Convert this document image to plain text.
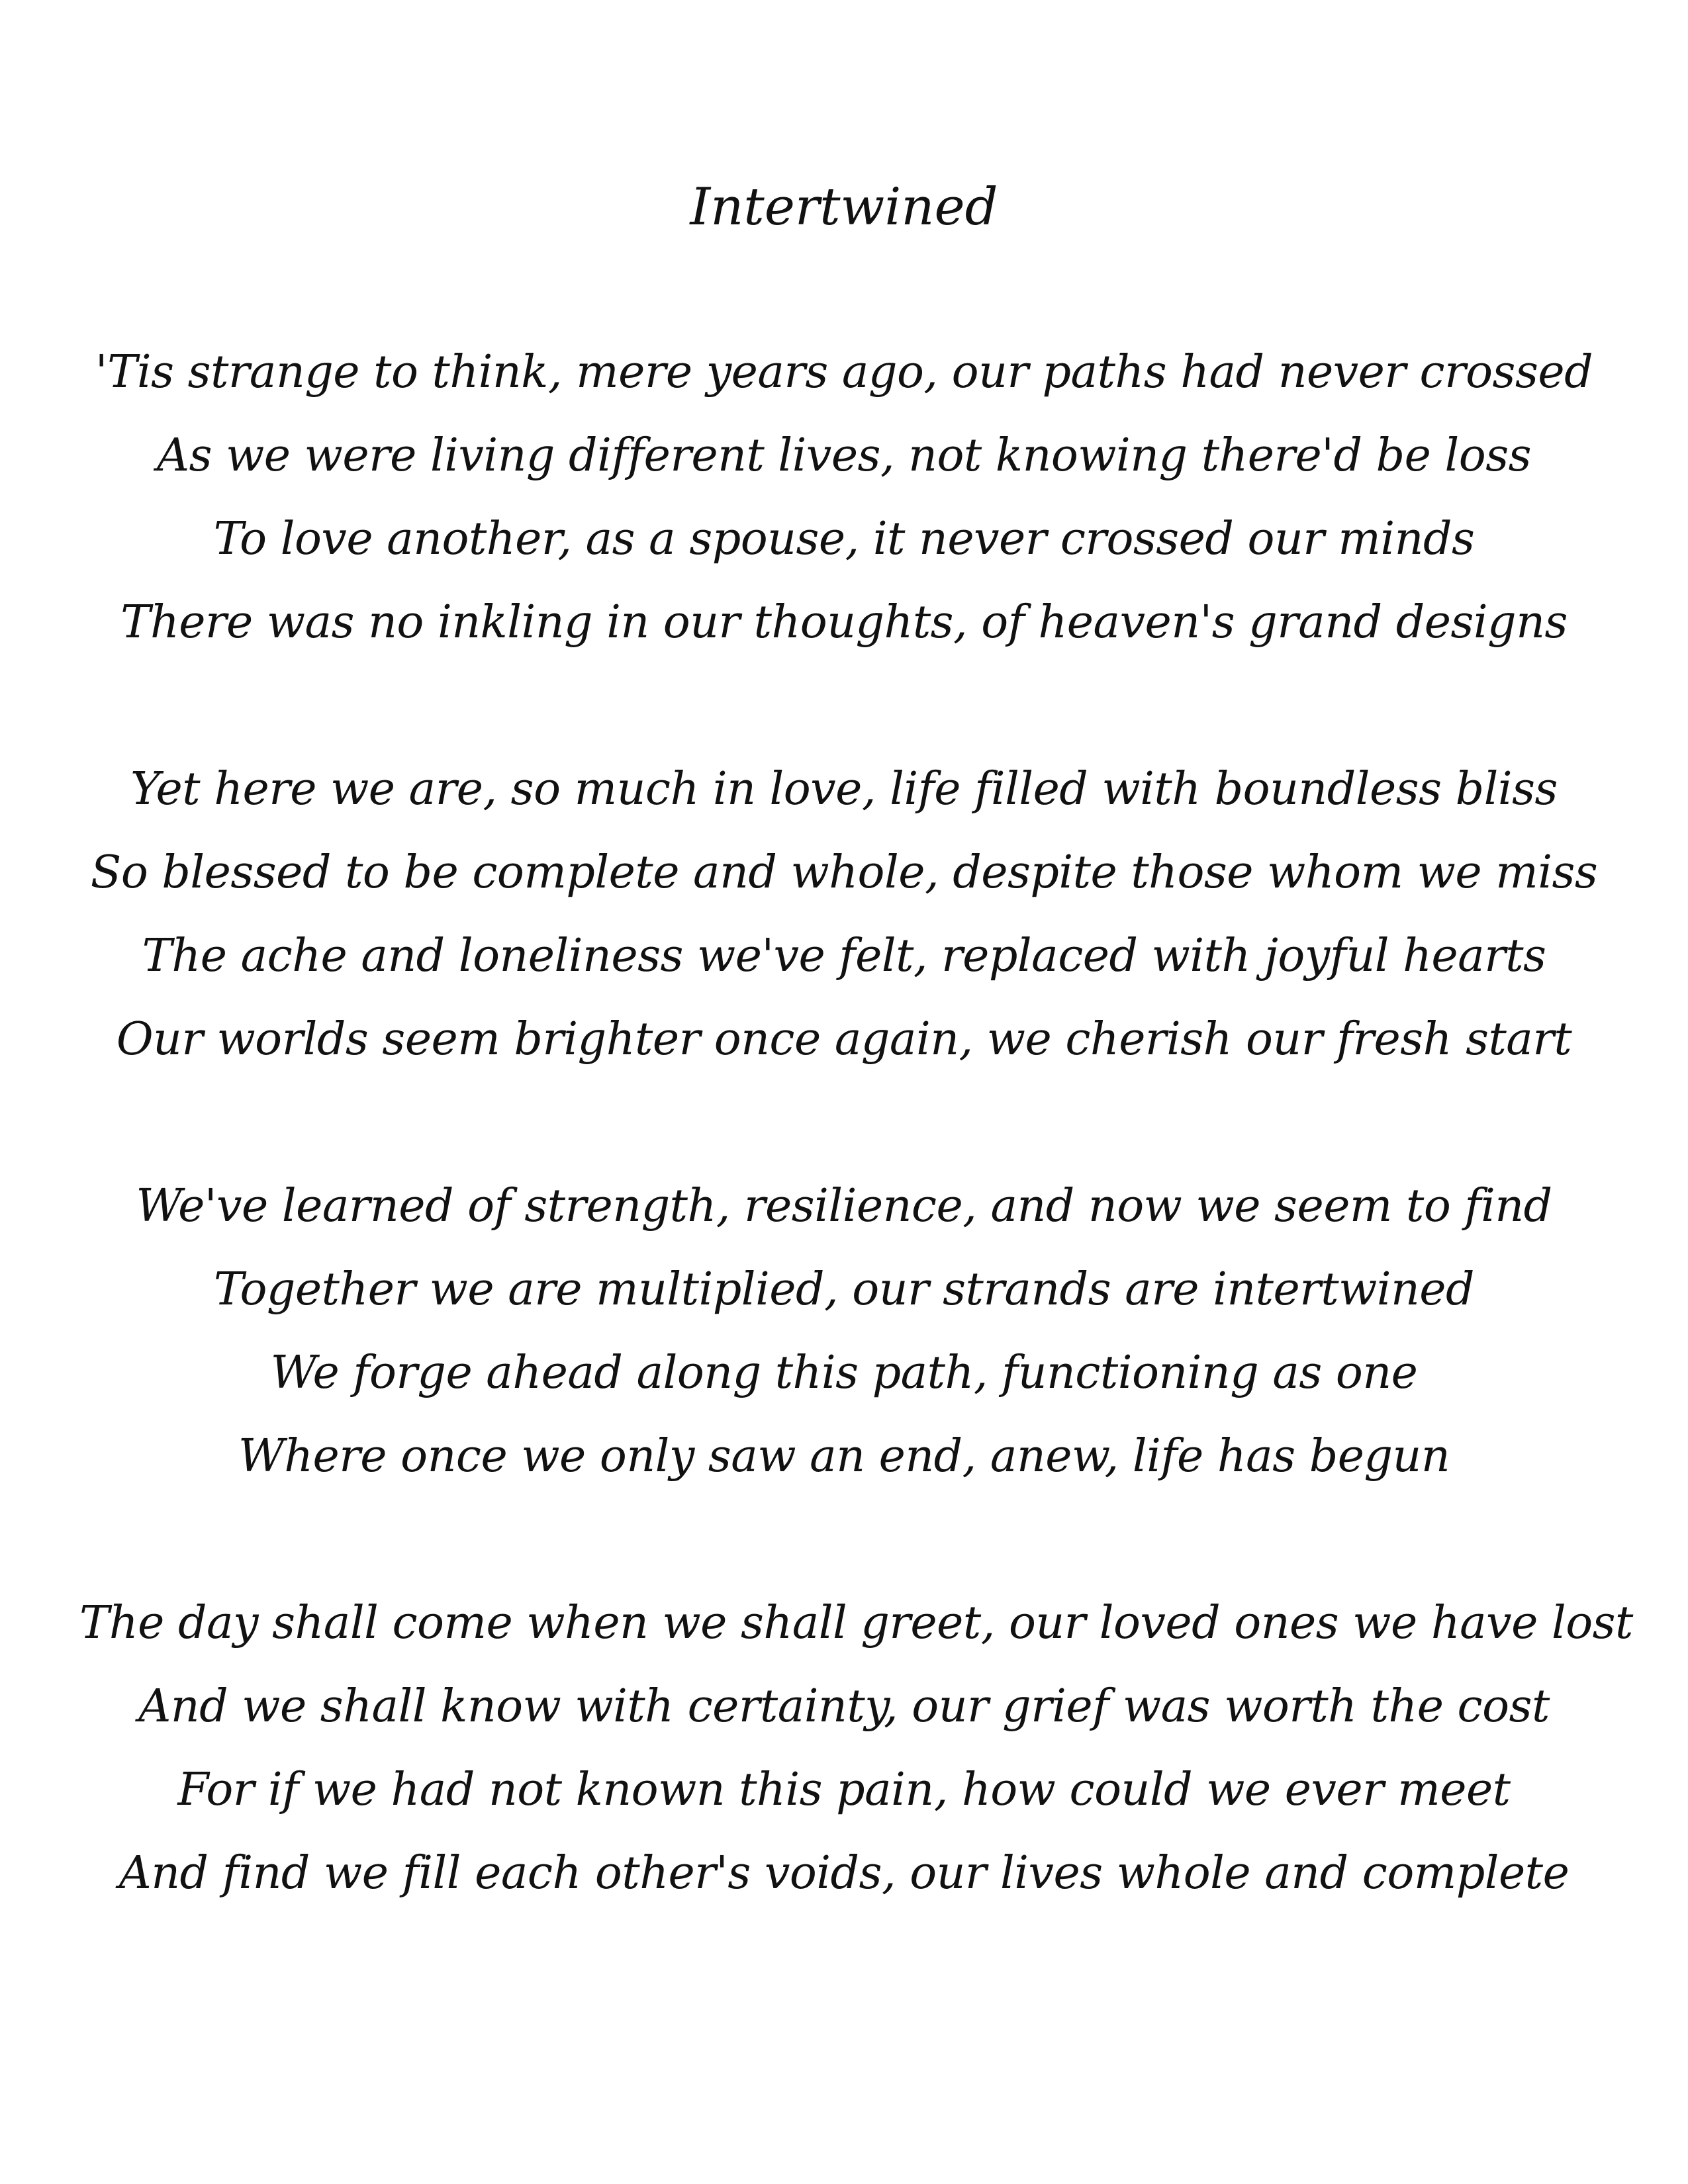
Intertwined
'Tis strange to think, mere years ago, our paths had never crossed
As we were living different lives, not knowing there'd be loss
To love another, as a spouse, it never crossed our minds
There was no inkling in our thoughts, of heaven's grand designs
Yet here we are, so much in love, life filled with boundless bliss
So blessed to be complete and whole, despite those whom we miss
The ache and loneliness we've felt, replaced with joyful hearts
Our worlds seem brighter once again, we cherish our fresh start
We've learned of strength, resilience, and now we seem to find
Together we are multiplied, our strands are intertwined
We forge ahead along this path, functioning as one
Where once we only saw an end, anew, life has begun
The day shall come when we shall greet, our loved ones we have lost
And we shall know with certainty, our grief was worth the cost
For if we had not known this pain, how could we ever meet
And find we fill each other's voids, our lives whole and complete
